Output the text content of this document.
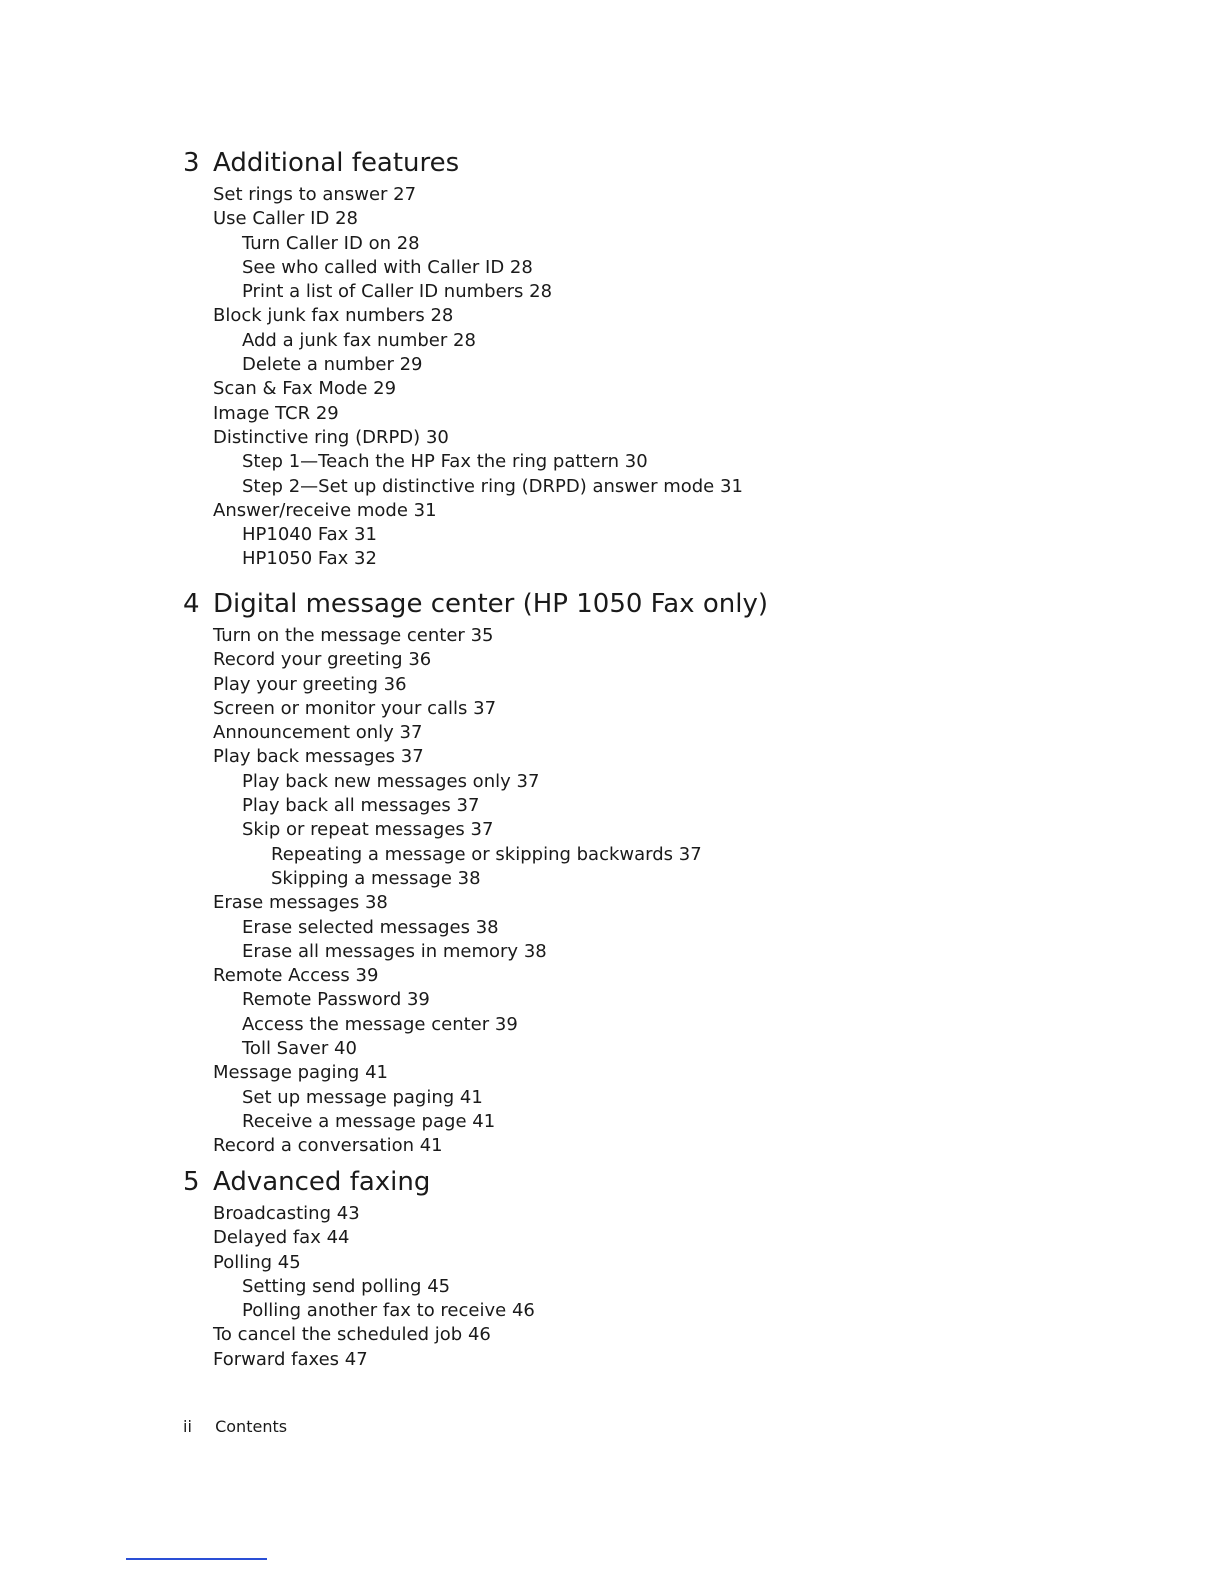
3 Additional features
Set rings to answer 27
Use Caller ID 28
Turn Caller ID on 28
See who called with Caller ID 28
Print a list of Caller ID numbers 28
Block junk fax numbers 28
Add a junk fax number 28
Delete a number 29
Scan & Fax Mode 29
Image TCR 29
Distinctive ring (DRPD) 30
Step 1—Teach the HP Fax the ring pattern 30
Step 2—Set up distinctive ring (DRPD) answer mode 31
Answer/receive mode 31
HP1040 Fax 31
HP1050 Fax 32
4 Digital message center (HP 1050 Fax only)
Turn on the message center 35
Record your greeting 36
Play your greeting 36
Screen or monitor your calls 37
Announcement only 37
Play back messages 37
Play back new messages only 37
Play back all messages 37
Skip or repeat messages 37
Repeating a message or skipping backwards 37
Skipping a message 38
Erase messages 38
Erase selected messages 38
Erase all messages in memory 38
Remote Access 39
Remote Password 39
Access the message center 39
Toll Saver 40
Message paging 41
Set up message paging 41
Receive a message page 41
Record a conversation 41
5 Advanced faxing
Broadcasting 43
Delayed fax 44
Polling 45
Setting send polling 45
Polling another fax to receive 46
To cancel the scheduled job 46
Forward faxes 47
ii Contents
